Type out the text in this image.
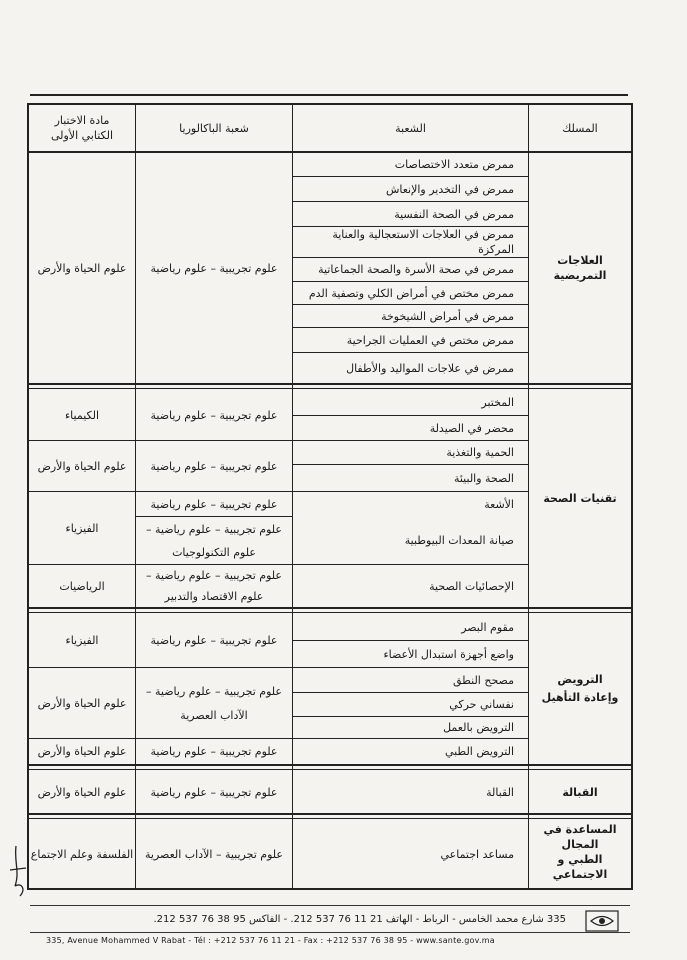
المسلك
الشعبة
شعبة الباكالوريا
مادة الاختبار الكتابي الأولى
العلاجات التمريضية
ممرض متعدد الاختصاصات
ممرض في التخدير والإنعاش
ممرض في الصحة النفسية
ممرض في العلاجات الاستعجالية والعناية المركزة
ممرض في صحة الأسرة والصحة الجماعاتية
ممرض مختص في أمراض الكلي وتصفية الدم
ممرض في أمراض الشيخوخة
ممرض مختص في العمليات الجراحية
ممرض في علاجات الموالید والأطفال
علوم تجريبية – علوم رياضية
علوم الحياة والأرض
تقنيات الصحة
المختبر
محضر في الصيدلة
الحمية والتغذية
الصحة والبيئة
الأشعة
صيانة المعدات البيوطبية
الإحصائيات الصحية
علوم تجريبية – علوم رياضية
الكيمياء
علوم تجريبية – علوم رياضية
علوم الحياة والأرض
علوم تجريبية – علوم رياضية
علوم تجريبية – علوم رياضية –
علوم التكنولوجيات
الفيزياء
علوم تجريبية – علوم رياضية –
علوم الاقتصاد والتدبير
الرياضيات
الترويض وإعادة التأهيل
مقوم البصر
واضع أجهزة استبدال الأعضاء
مصحح النطق
نفساني حركي
الترويض بالعمل
الترويض الطبي
علوم تجريبية – علوم رياضية
الفيزياء
علوم تجريبية – علوم رياضية –
الآداب العصرية
علوم الحياة والأرض
علوم تجريبية – علوم رياضية
علوم الحياة والأرض
القبالة
القبالة
علوم تجريبية – علوم رياضية
علوم الحياة والأرض
المساعدة في المجال
الطبي و الاجتماعي
مساعد اجتماعي
علوم تجريبية – الآداب العصرية
الفلسفة وعلم الاجتماع
335 شارع محمد الخامس - الرباط - الهاتف 21 11 76 537 212. - الفاكس 95 38 76 537 212.
335, Avenue Mohammed V Rabat - Tél : +212 537 76 11 21 - Fax : +212 537 76 38 95 - www.sante.gov.ma
